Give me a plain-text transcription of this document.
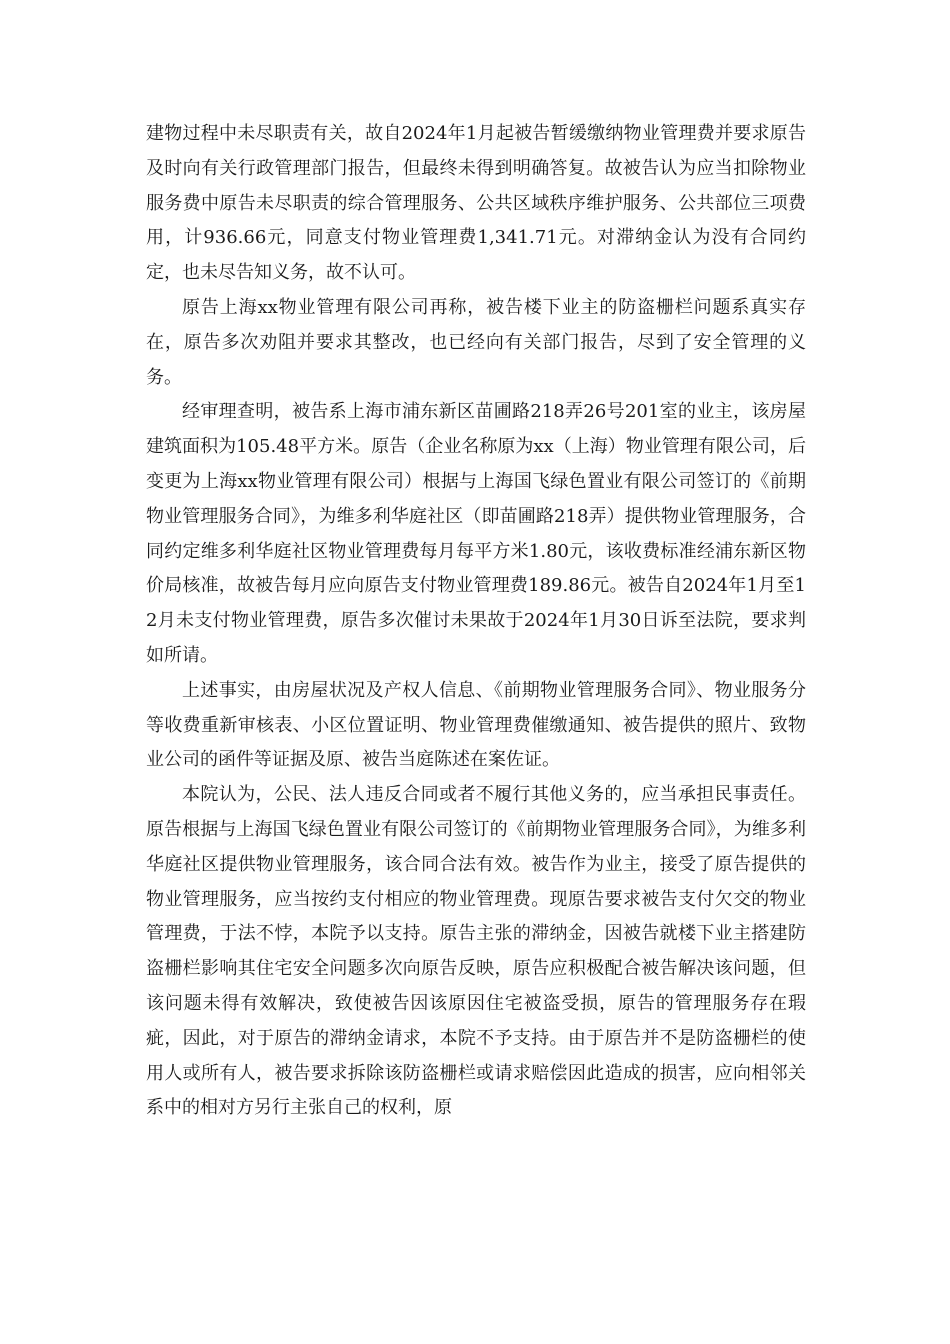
建物过程中未尽职责有关，故自2024年1月起被告暂缓缴纳物业管理费并要求原告及时向有关行政管理部门报告，但最终未得到明确答复。故被告认为应当扣除物业服务费中原告未尽职责的综合管理服务、公共区域秩序维护服务、公共部位三项费用，计936.66元，同意支付物业管理费1,341.71元。对滞纳金认为没有合同约定，也未尽告知义务，故不认可。

原告上海xx物业管理有限公司再称，被告楼下业主的防盗栅栏问题系真实存在，原告多次劝阻并要求其整改，也已经向有关部门报告，尽到了安全管理的义务。

经审理查明，被告系上海市浦东新区苗圃路218弄26号201室的业主，该房屋建筑面积为105.48平方米。原告（企业名称原为xx（上海）物业管理有限公司，后变更为上海xx物业管理有限公司）根据与上海国飞绿色置业有限公司签订的《前期物业管理服务合同》，为维多利华庭社区（即苗圃路218弄）提供物业管理服务，合同约定维多利华庭社区物业管理费每月每平方米1.80元，该收费标准经浦东新区物价局核准，故被告每月应向原告支付物业管理费189.86元。被告自2024年1月至12月未支付物业管理费，原告多次催讨未果故于2024年1月30日诉至法院，要求判如所请。

上述事实，由房屋状况及产权人信息、《前期物业管理服务合同》、物业服务分等收费重新审核表、小区位置证明、物业管理费催缴通知、被告提供的照片、致物业公司的函件等证据及原、被告当庭陈述在案佐证。

本院认为，公民、法人违反合同或者不履行其他义务的，应当承担民事责任。原告根据与上海国飞绿色置业有限公司签订的《前期物业管理服务合同》，为维多利华庭社区提供物业管理服务，该合同合法有效。被告作为业主，接受了原告提供的物业管理服务，应当按约支付相应的物业管理费。现原告要求被告支付欠交的物业管理费，于法不悖，本院予以支持。原告主张的滞纳金，因被告就楼下业主搭建防盗栅栏影响其住宅安全问题多次向原告反映，原告应积极配合被告解决该问题，但该问题未得有效解决，致使被告因该原因住宅被盗受损，原告的管理服务存在瑕疵，因此，对于原告的滞纳金请求，本院不予支持。由于原告并不是防盗栅栏的使用人或所有人，被告要求拆除该防盗栅栏或请求赔偿因此造成的损害，应向相邻关系中的相对方另行主张自己的权利，原
